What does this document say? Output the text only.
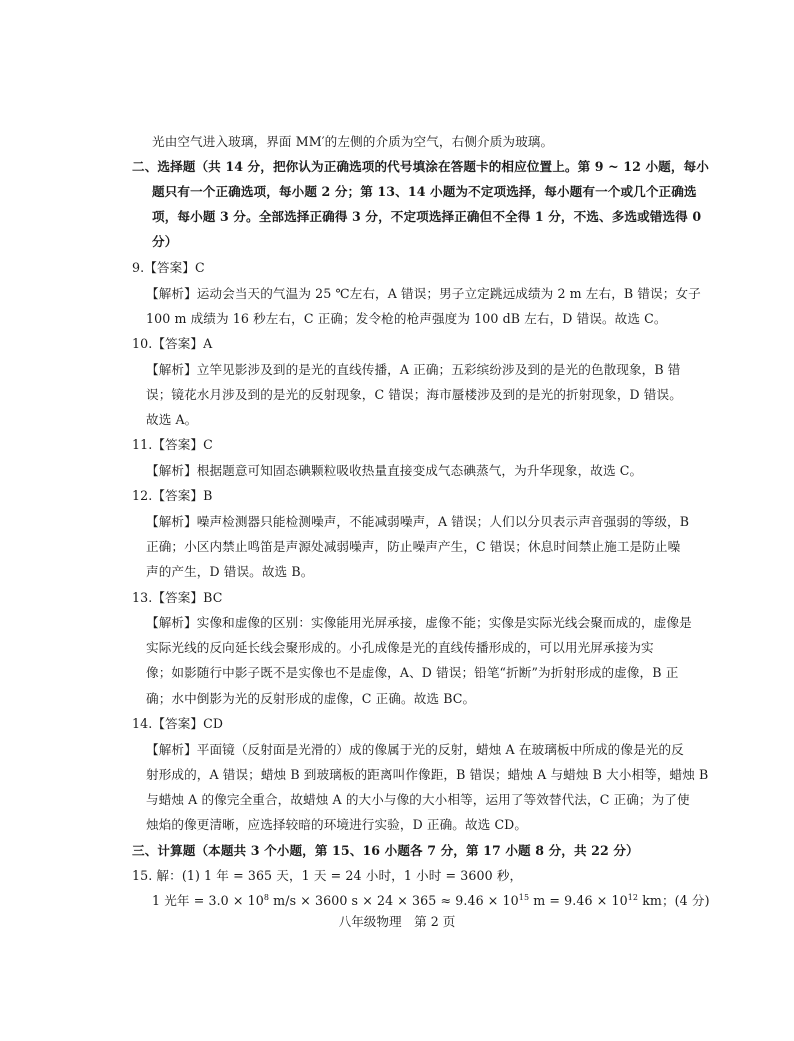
光由空气进入玻璃，界面 MM′的左侧的介质为空气，右侧介质为玻璃。
二、选择题（共 14 分，把你认为正确选项的代号填涂在答题卡的相应位置上。第 9 ~ 12 小题，每小
题只有一个正确选项，每小题 2 分；第 13、14 小题为不定项选择，每小题有一个或几个正确选
项，每小题 3 分。全部选择正确得 3 分，不定项选择正确但不全得 1 分，不选、多选或错选得 0
分）
9.【答案】C
【解析】运动会当天的气温为 25 ℃左右，A 错误；男子立定跳远成绩为 2 m 左右，B 错误；女子
100 m 成绩为 16 秒左右，C 正确；发令枪的枪声强度为 100 dB 左右，D 错误。故选 C。
10.【答案】A
【解析】立竿见影涉及到的是光的直线传播，A 正确；五彩缤纷涉及到的是光的色散现象，B 错
误；镜花水月涉及到的是光的反射现象，C 错误；海市蜃楼涉及到的是光的折射现象，D 错误。
故选 A。
11.【答案】C
【解析】根据题意可知固态碘颗粒吸收热量直接变成气态碘蒸气，为升华现象，故选 C。
12.【答案】B
【解析】噪声检测器只能检测噪声，不能减弱噪声，A 错误；人们以分贝表示声音强弱的等级，B
正确；小区内禁止鸣笛是声源处减弱噪声，防止噪声产生，C 错误；休息时间禁止施工是防止噪
声的产生，D 错误。故选 B。
13.【答案】BC
【解析】实像和虚像的区别：实像能用光屏承接，虚像不能；实像是实际光线会聚而成的，虚像是
实际光线的反向延长线会聚形成的。小孔成像是光的直线传播形成的，可以用光屏承接为实
像；如影随行中影子既不是实像也不是虚像，A、D 错误；铅笔“折断”为折射形成的虚像，B 正
确；水中倒影为光的反射形成的虚像，C 正确。故选 BC。
14.【答案】CD
【解析】平面镜（反射面是光滑的）成的像属于光的反射，蜡烛 A 在玻璃板中所成的像是光的反
射形成的，A 错误；蜡烛 B 到玻璃板的距离叫作像距，B 错误；蜡烛 A 与蜡烛 B 大小相等，蜡烛 B
与蜡烛 A 的像完全重合，故蜡烛 A 的大小与像的大小相等，运用了等效替代法，C 正确；为了使
烛焰的像更清晰，应选择较暗的环境进行实验，D 正确。故选 CD。
三、计算题（本题共 3 个小题，第 15、16 小题各 7 分，第 17 小题 8 分，共 22 分）
15. 解：(1) 1 年 = 365 天，1 天 = 24 小时，1 小时 = 3600 秒，
1 光年 = $3.0 \times 10^8$ m/s × 3600 $s \times 24 \times 365 \approx 9.46 \times 10^{15}$ $m = 9.46 \times 10^{12}$ km；(4 分)
八年级物理　第 2 页
